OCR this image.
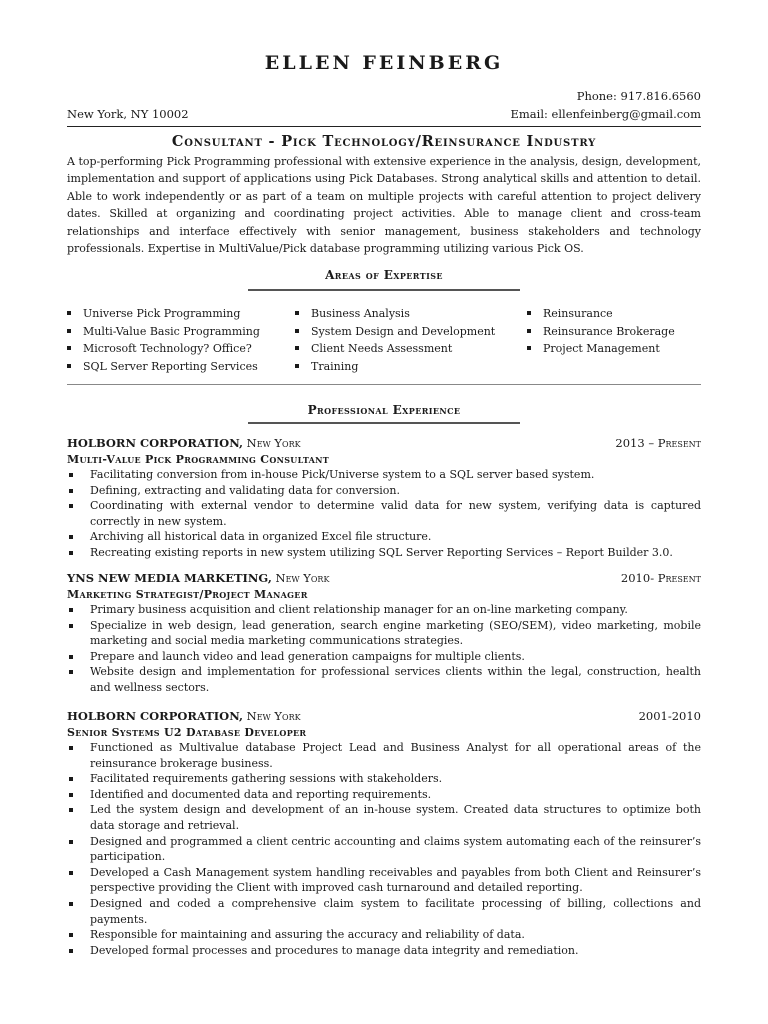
ELLEN FEINBERG
Phone: 917.816.6560
New York, NY 10002	Email: ellenfeinberg@gmail.com
Consultant - Pick Technology/Reinsurance Industry
A top-performing Pick Programming professional with extensive experience in the analysis, design, development, implementation and support of applications using Pick Databases. Strong analytical skills and attention to detail. Able to work independently or as part of a team on multiple projects with careful attention to project delivery dates. Skilled at organizing and coordinating project activities. Able to manage client and cross-team relationships and interface effectively with senior management, business stakeholders and technology professionals. Expertise in MultiValue/Pick database programming utilizing various Pick OS.
Areas of Expertise
Universe Pick Programming
Multi-Value Basic Programming
Microsoft Technology? Office?
SQL Server Reporting Services
Business Analysis
System Design and Development
Client Needs Assessment
Training
Reinsurance
Reinsurance Brokerage
Project Management
Professional Experience
HOLBORN CORPORATION, New York	2013 – Present
Multi-Value Pick Programming Consultant
Facilitating conversion from in-house Pick/Universe system to a SQL server based system.
Defining, extracting and validating data for conversion.
Coordinating with external vendor to determine valid data for new system, verifying data is captured correctly in new system.
Archiving all historical data in organized Excel file structure.
Recreating existing reports in new system utilizing SQL Server Reporting Services – Report Builder 3.0.
YNS NEW MEDIA MARKETING, New York	2010- Present
Marketing Strategist/Project Manager
Primary business acquisition and client relationship manager for an on-line marketing company.
Specialize in web design, lead generation, search engine marketing (SEO/SEM), video marketing, mobile marketing and social media marketing communications strategies.
Prepare and launch video and lead generation campaigns for multiple clients.
Website design and implementation for professional services clients within the legal, construction, health and wellness sectors.
HOLBORN CORPORATION, New York	2001-2010
Senior Systems U2 Database Developer
Functioned as Multivalue database Project Lead and Business Analyst for all operational areas of the reinsurance brokerage business.
Facilitated requirements gathering sessions with stakeholders.
Identified and documented data and reporting requirements.
Led the system design and development of an in-house system. Created data structures to optimize both data storage and retrieval.
Designed and programmed a client centric accounting and claims system automating each of the reinsurer’s participation.
Developed a Cash Management system handling receivables and payables from both Client and Reinsurer’s perspective providing the Client with improved cash turnaround and detailed reporting.
Designed and coded a comprehensive claim system to facilitate processing of billing, collections and payments.
Responsible for maintaining and assuring the accuracy and reliability of data.
Developed formal processes and procedures to manage data integrity and remediation.
